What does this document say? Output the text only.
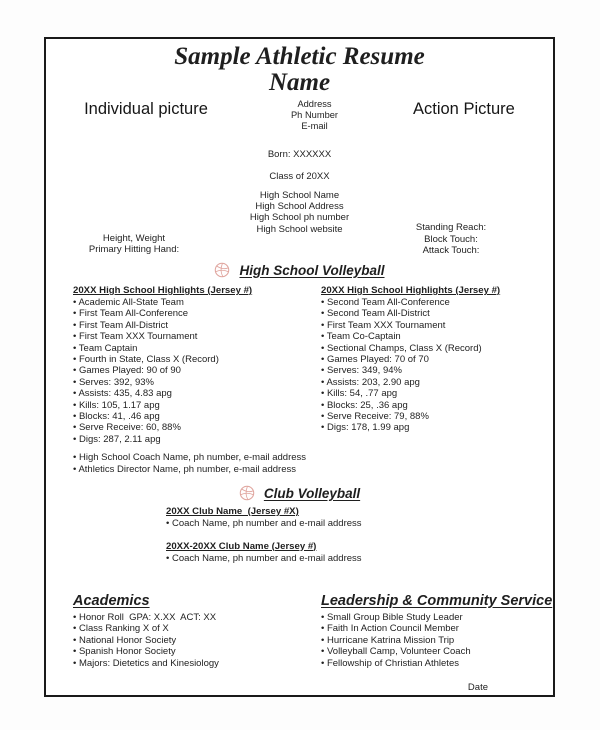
Sample Athletic Resume
Name
Individual picture	Address
Ph Number
E-mail
Action Picture
Born: XXXXXX
Class of 20XX
Height, Weight
Primary Hitting Hand:
High School Name
High School Address
High School ph number
High School website	Standing Reach:
Block Touch:
Attack Touch:
High School Volleyball
20XX High School Highlights (Jersey #)
• Academic All-State Team
• First Team All-Conference
• First Team All-District
• First Team XXX Tournament
• Team Captain
• Fourth in State, Class X (Record)
• Games Played: 90 of 90
• Serves: 392, 93%
• Assists: 435, 4.83 apg
• Kills: 105, 1.17 apg
• Blocks: 41, .46 apg
• Serve Receive: 60, 88%
• Digs: 287, 2.11 apg
20XX High School Highlights (Jersey #)
• Second Team All-Conference
• Second Team All-District
• First Team XXX Tournament
• Team Co-Captain
• Sectional Champs, Class X (Record)
• Games Played: 70 of 70
• Serves: 349, 94%
• Assists: 203, 2.90 apg
• Kills: 54, .77 apg
• Blocks: 25, .36 apg
• Serve Receive: 79, 88%
• Digs: 178, 1.99 apg
• High School Coach Name, ph number, e-mail address
• Athletics Director Name, ph number, e-mail address
Club Volleyball
20XX Club Name  (Jersey #X)
• Coach Name, ph number and e-mail address
20XX-20XX Club Name (Jersey #)
• Coach Name, ph number and e-mail address
Academics
• Honor Roll  GPA: X.XX  ACT: XX
• Class Ranking X of X
• National Honor Society
• Spanish Honor Society
• Majors: Dietetics and Kinesiology
Leadership & Community Service
• Small Group Bible Study Leader
• Faith In Action Council Member
• Hurricane Katrina Mission Trip
• Volleyball Camp, Volunteer Coach
• Fellowship of Christian Athletes
Date
